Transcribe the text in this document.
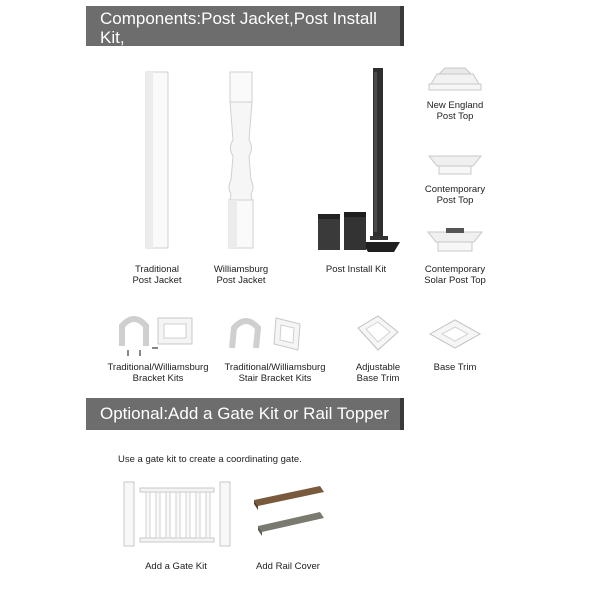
Components:Post Jacket,Post Install Kit,
Post Tops,Brackets & Base Trim
Traditional
Post Jacket
Williamsburg
Post Jacket
Post Install Kit
New England
Post Top
Contemporary
Post Top
Contemporary
Solar Post Top
Traditional/Williamsburg
Bracket Kits
Traditional/Williamsburg
Stair Bracket Kits
Adjustable
Base Trim
Base Trim
Optional:Add a Gate Kit or Rail Topper
Use a gate kit to create a coordinating gate.
Add a Gate Kit	Add Rail Cover
